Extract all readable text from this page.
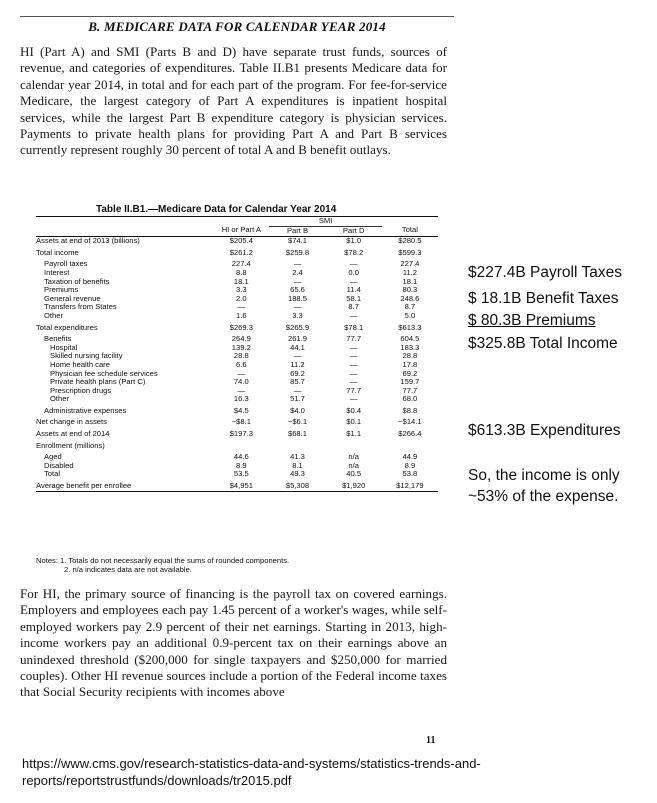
B. MEDICARE DATA FOR CALENDAR YEAR 2014
HI (Part A) and SMI (Parts B and D) have separate trust funds, sources of revenue, and categories of expenditures. Table II.B1 presents Medicare data for calendar year 2014, in total and for each part of the program. For fee-for-service Medicare, the largest category of Part A expenditures is inpatient hospital services, while the largest Part B expenditure category is physician services. Payments to private health plans for providing Part A and Part B services currently represent roughly 30 percent of total A and B benefit outlays.
Table II.B1.—Medicare Data for Calendar Year 2014
		SMI		
	HI or Part A	Part B	Part D	Total
Assets at end of 2013 (billions)	$205.4	$74.1	$1.0	$280.5
Total income	$261.2	$259.8	$78.2	$599.3
Payroll taxes	227.4	—	—	227.4
Interest	8.8	2.4	0.0	11.2
Taxation of benefits	18.1	—	—	18.1
Premiums	3.3	65.6	11.4	80.3
General revenue	2.0	188.5	58.1	248.6
Transfers from States	—	—	8.7	8.7
Other	1.6	3.3	—	5.0
Total expenditures	$269.3	$265.9	$78.1	$613.3
Benefits	264.9	261.9	77.7	604.5
Hospital	139.2	44.1	—	183.3
Skilled nursing facility	28.8	—	—	28.8
Home health care	6.6	11.2	—	17.8
Physician fee schedule services	—	69.2	—	69.2
Private health plans (Part C)	74.0	85.7	—	159.7
Prescription drugs	—	—	77.7	77.7
Other	16.3	51.7	—	68.0
Administrative expenses	$4.5	$4.0	$0.4	$8.8
Net change in assets	−$8.1	−$6.1	$0.1	−$14.1
Assets at end of 2014	$197.3	$68.1	$1.1	$266.4
Enrollment (millions)				
Aged	44.6	41.3	n/a	44.9
Disabled	8.9	8.1	n/a	8.9
Total	53.5	49.3	40.5	53.8
Average benefit per enrollee	$4,951	$5,308	$1,920	$12,179
Notes: 1. Totals do not necessarily equal the sums of rounded components.
2. n/a indicates data are not available.
$227.4B Payroll Taxes
$ 18.1B Benefit Taxes
$ 80.3B Premiums
$325.8B Total Income
$613.3B Expenditures
So, the income is only ~53% of the expense.
For HI, the primary source of financing is the payroll tax on covered earnings. Employers and employees each pay 1.45 percent of a worker's wages, while self-employed workers pay 2.9 percent of their net earnings. Starting in 2013, high-income workers pay an additional 0.9-percent tax on their earnings above an unindexed threshold ($200,000 for single taxpayers and $250,000 for married couples). Other HI revenue sources include a portion of the Federal income taxes that Social Security recipients with incomes above
11
https://www.cms.gov/research-statistics-data-and-systems/statistics-trends-and-reports/reportstrustfunds/downloads/tr2015.pdf
